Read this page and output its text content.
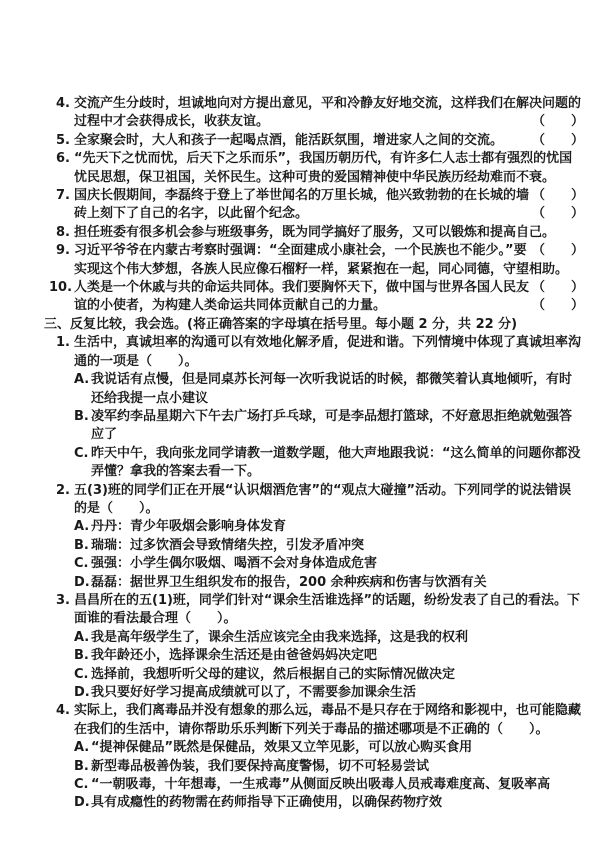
4. 交流产生分歧时，坦诚地向对方提出意见，平和冷静友好地交流，这样我们在解决问题的过程中才会获得成长，收获友谊。	（　　）

5. 全家聚会时，大人和孩子一起喝点酒，能活跃氛围，增进家人之间的交流。 （　　）

6. “先天下之忧而忧，后天下之乐而乐”，我国历朝历代，有许多仁人志士都有强烈的忧国忧民思想，保卫祖国，关怀民生。这种可贵的爱国精神使中华民族历经劫难而不衰。
（　　）

7. 国庆长假期间，李磊终于登上了举世闻名的万里长城，他兴致勃勃的在长城的墙砖上刻下了自己的名字，以此留个纪念。	（　　）

8. 担任班委有很多机会参与班级事务，既为同学搞好了服务，又可以锻炼和提高自己。
（　　）

9. 习近平爷爷在内蒙古考察时强调：“全面建成小康社会，一个民族也不能少。”要实现这个伟大梦想，各族人民应像石榴籽一样，紧紧抱在一起，同心同德，守望相助。
（　　）

10. 人类是一个休戚与共的命运共同体。我们要胸怀天下，做中国与世界各国人民友谊的小使者，为构建人类命运共同体贡献自己的力量。	（　　）

三、反复比较，我会选。(将正确答案的字母填在括号里。每小题 2 分，共 22 分)

1. 生活中，真诚坦率的沟通可以有效地化解矛盾，促进和谐。下列情境中体现了真诚坦率沟通的一项是（　　）。

A. 我说话有点慢，但是同桌苏长河每一次听我说话的时候，都微笑着认真地倾听，有时还给我提一点小建议

B. 凌军约李品星期六下午去广场打乒乓球，可是李品想打篮球，不好意思拒绝就勉强答应了

C. 昨天中午，我向张龙同学请教一道数学题，他大声地跟我说：“这么简单的问题你都没弄懂？拿我的答案去看一下。

2. 五(3)班的同学们正在开展“认识烟酒危害”的“观点大碰撞”活动。下列同学的说法错误的是（　　）。

A. 丹丹：青少年吸烟会影响身体发育

B. 瑞瑞：过多饮酒会导致情绪失控，引发矛盾冲突

C. 强强：小学生偶尔吸烟、喝酒不会对身体造成危害

D. 磊磊：据世界卫生组织发布的报告，200 余种疾病和伤害与饮酒有关

3. 昌昌所在的五(1)班，同学们针对“课余生活谁选择”的话题，纷纷发表了自己的看法。下面谁的看法最合理（　　）。

A. 我是高年级学生了，课余生活应该完全由我来选择，这是我的权利

B. 我年龄还小，选择课余生活还是由爸爸妈妈决定吧

C. 选择前，我想听听父母的建议，然后根据自己的实际情况做决定

D. 我只要好好学习提高成绩就可以了，不需要参加课余生活

4. 实际上，我们离毒品并没有想象的那么远，毒品不是只存在于网络和影视中，也可能隐藏在我们的生活中，请你帮助乐乐判断下列关于毒品的描述哪项是不正确的（　　）。

A. “提神保健品”既然是保健品，效果又立竿见影，可以放心购买食用

B. 新型毒品极善伪装，我们要保持高度警惕，切不可轻易尝试

C. “一朝吸毒，十年想毒，一生戒毒”从侧面反映出吸毒人员戒毒难度高、复吸率高

D. 具有成瘾性的药物需在药师指导下正确使用，以确保药物疗效
